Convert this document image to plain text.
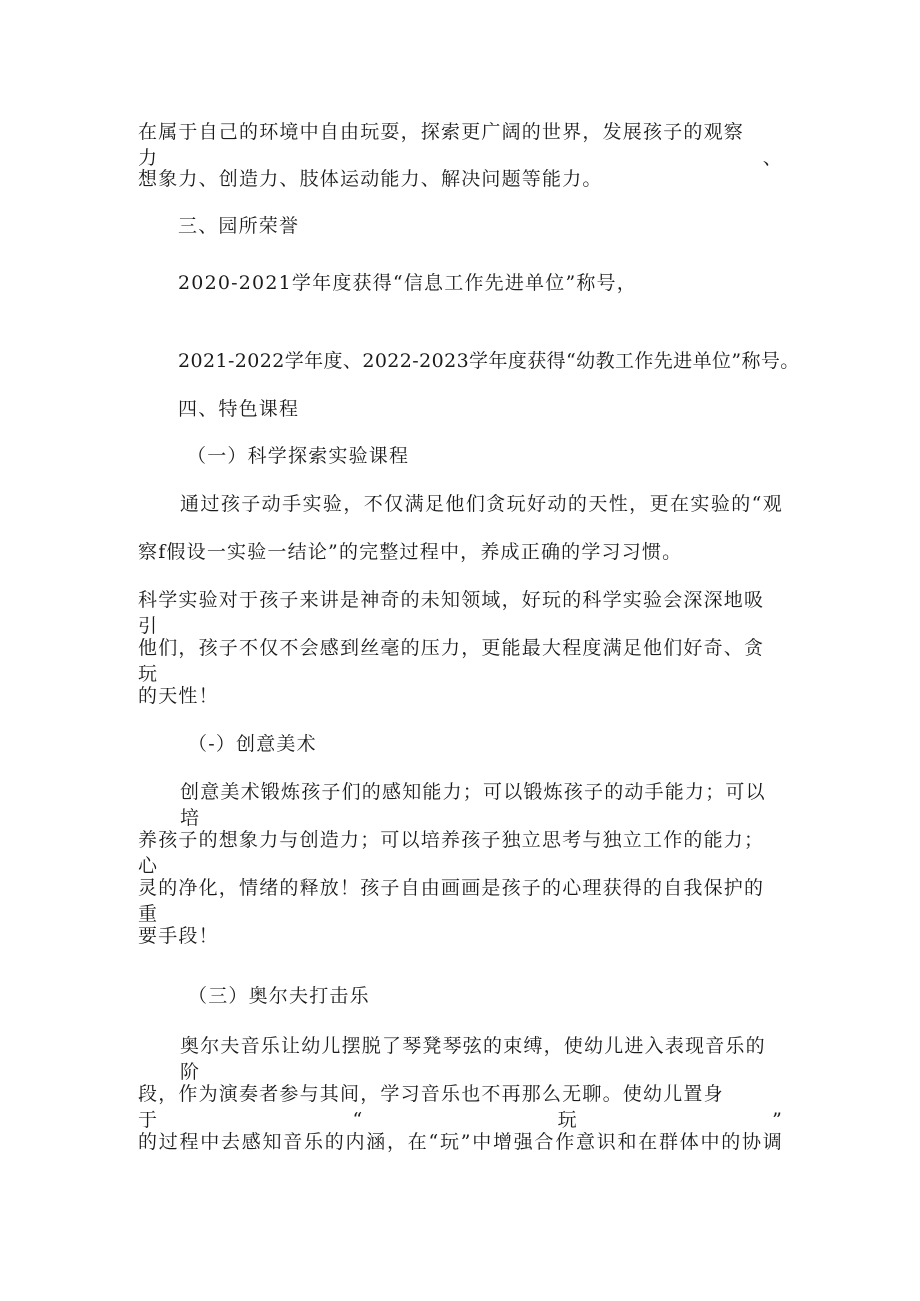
在属于自己的环境中自由玩耍，探索更广阔的世界，发展孩子的观察力、

想象力、创造力、肢体运动能力、解决问题等能力。

三、园所荣誉

2020-2021学年度获得“信息工作先进单位”称号，

2021-2022学年度、2022-2023学年度获得“幼教工作先进单位”称号。

四、特色课程

（一）科学探索实验课程

通过孩子动手实验，不仅满足他们贪玩好动的天性，更在实验的“观

察f假设一实验一结论”的完整过程中，养成正确的学习习惯。

科学实验对于孩子来讲是神奇的未知领域，好玩的科学实验会深深地吸引

他们，孩子不仅不会感到丝毫的压力，更能最大程度满足他们好奇、贪玩

的天性！

（-）创意美术

创意美术锻炼孩子们的感知能力；可以锻炼孩子的动手能力；可以培

养孩子的想象力与创造力；可以培养孩子独立思考与独立工作的能力；心

灵的净化，情绪的释放！孩子自由画画是孩子的心理获得的自我保护的重

要手段！

（三）奥尔夫打击乐

奥尔夫音乐让幼儿摆脱了琴凳琴弦的束缚，使幼儿进入表现音乐的阶

段，作为演奏者参与其间，学习音乐也不再那么无聊。使幼儿置身于“玩”

的过程中去感知音乐的内涵，在“玩”中增强合作意识和在群体中的协调
